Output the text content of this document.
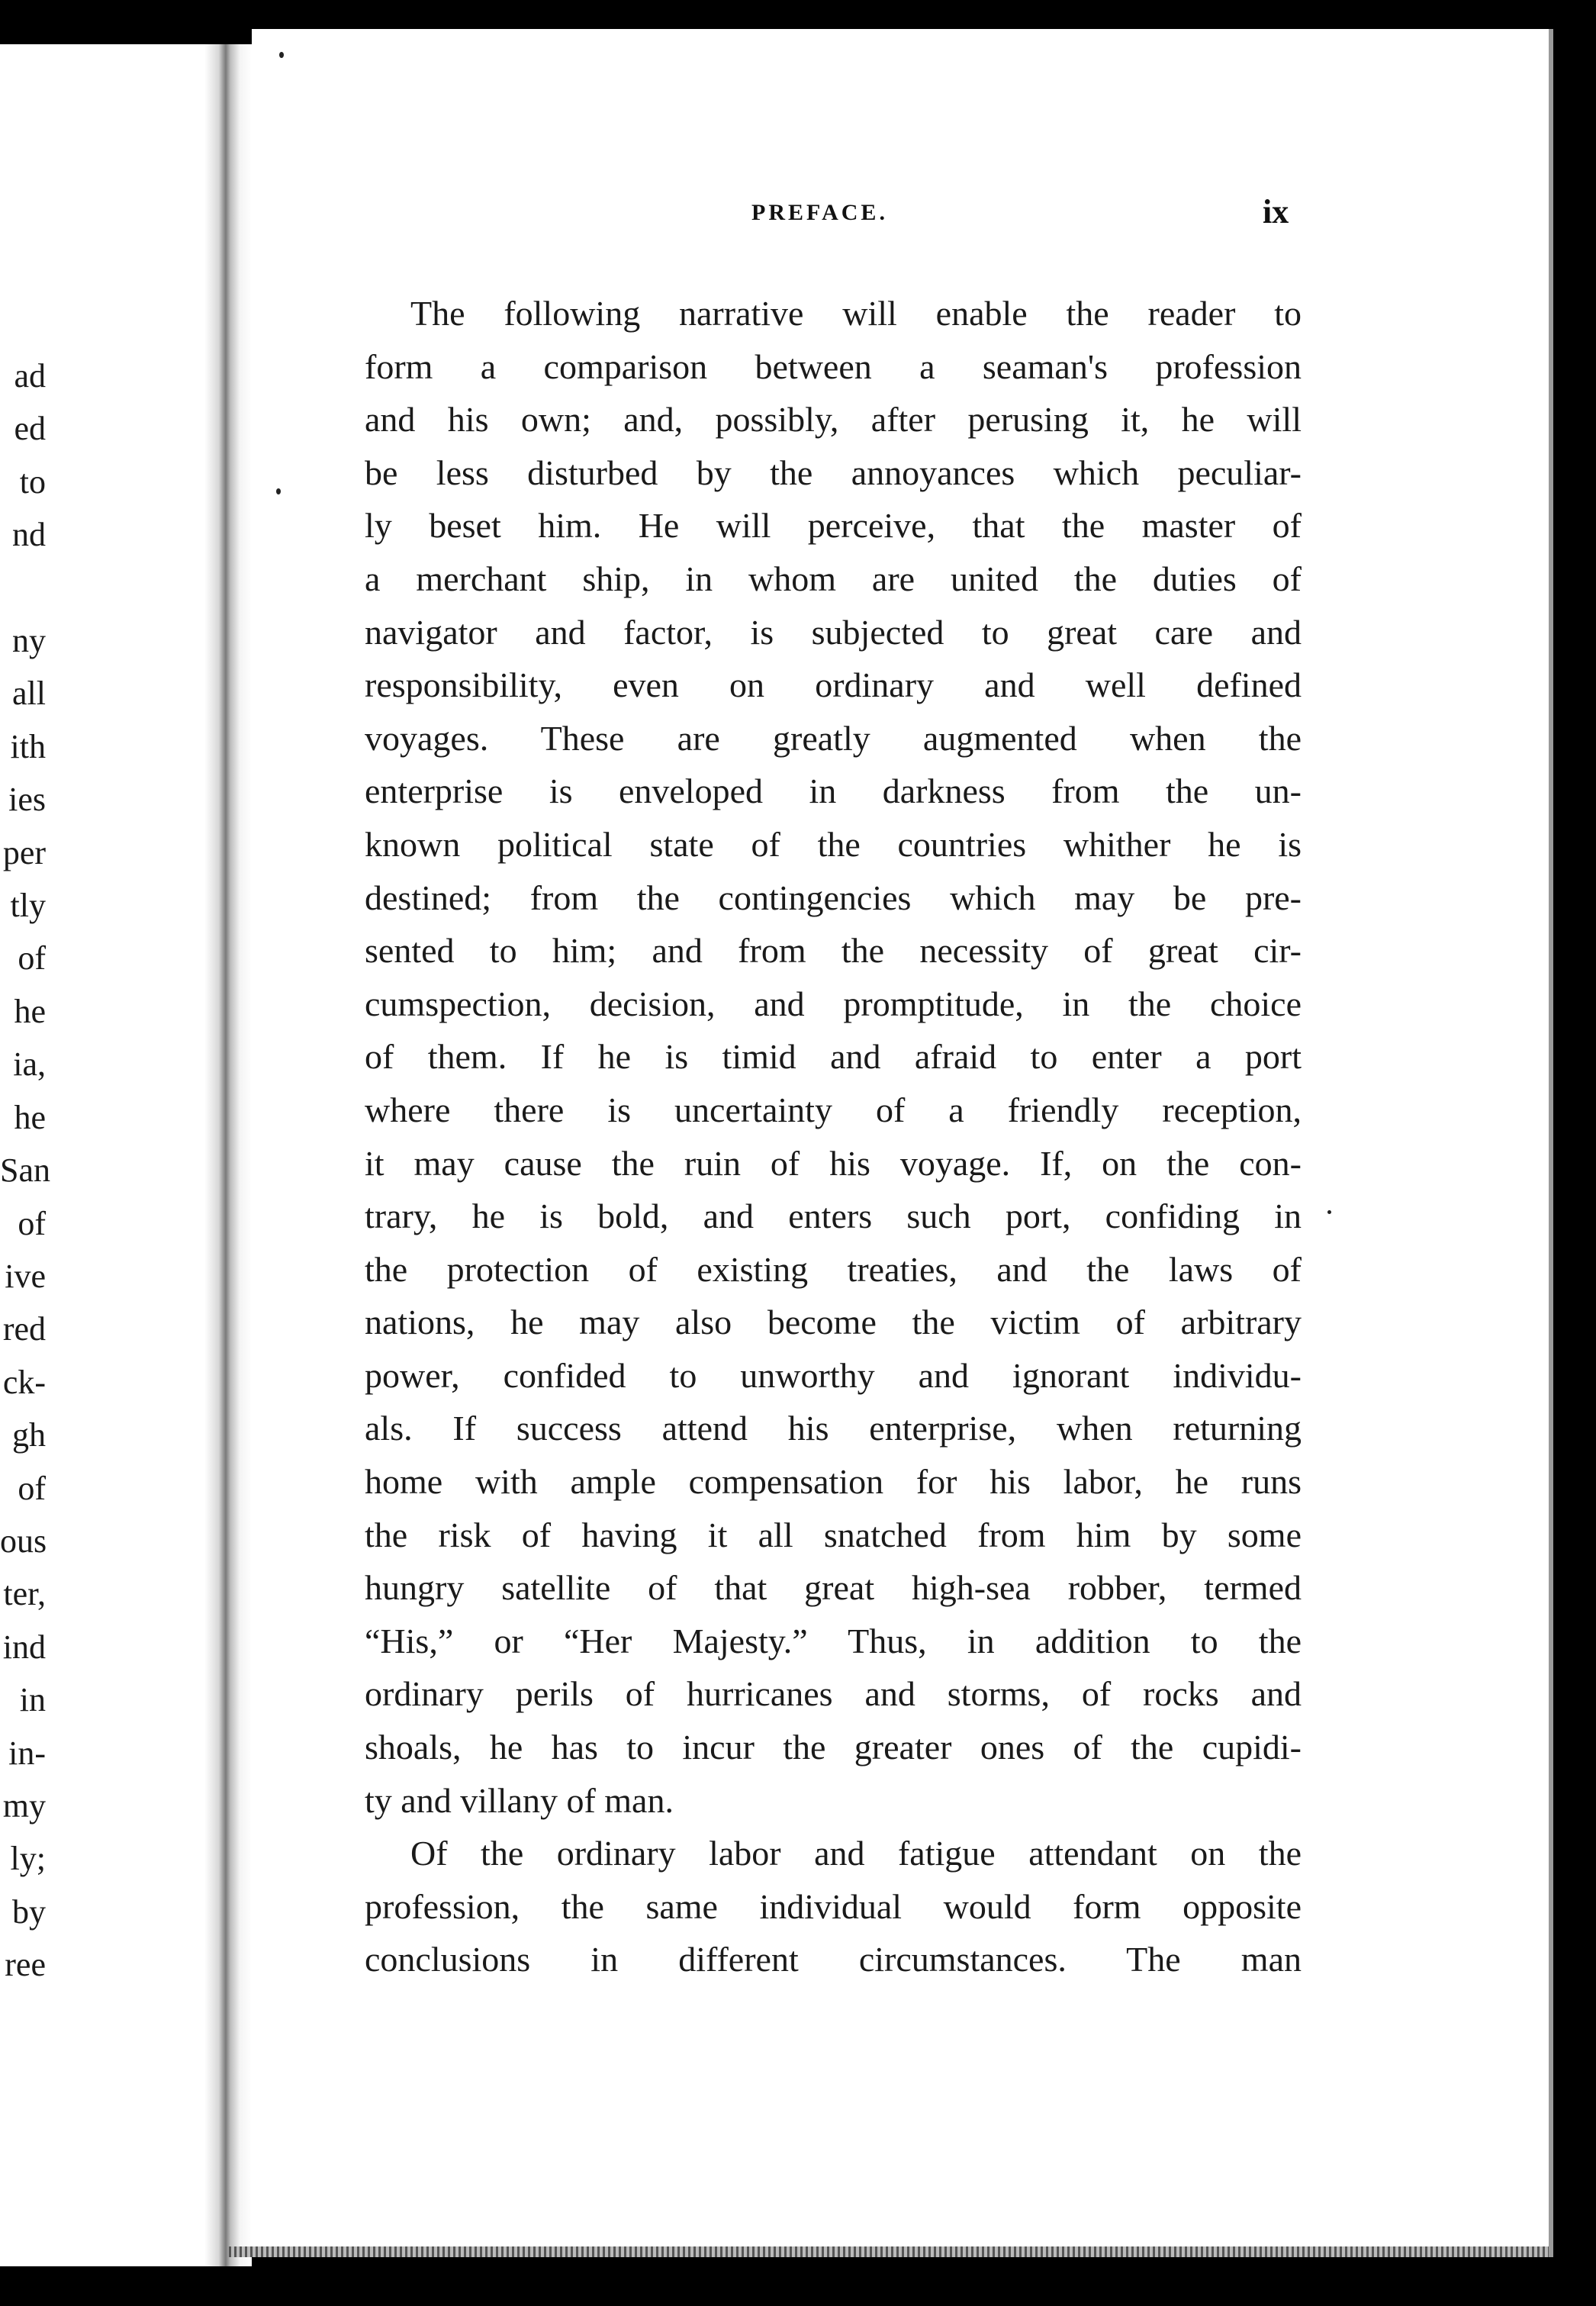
ad
ed
to
nd

ny
all
ith
ies
per
tly
of
he
ia,
he
San
of
ive
red
ck-
gh
of
ous
ter,
ind
in
in-
my
ly;
by
ree
PREFACE.	ix
The following narrative will enable the reader to
form a comparison between a seaman's profession
and his own; and, possibly, after perusing it, he will
be less disturbed by the annoyances which peculiar-
ly beset him. He will perceive, that the master of
a merchant ship, in whom are united the duties of
navigator and factor, is subjected to great care and
responsibility, even on ordinary and well defined
voyages. These are greatly augmented when the
enterprise is enveloped in darkness from the un-
known political state of the countries whither he is
destined; from the contingencies which may be pre-
sented to him; and from the necessity of great cir-
cumspection, decision, and promptitude, in the choice
of them. If he is timid and afraid to enter a port
where there is uncertainty of a friendly reception,
it may cause the ruin of his voyage. If, on the con-
trary, he is bold, and enters such port, confiding in
the protection of existing treaties, and the laws of
nations, he may also become the victim of arbitrary
power, confided to unworthy and ignorant individu-
als. If success attend his enterprise, when returning
home with ample compensation for his labor, he runs
the risk of having it all snatched from him by some
hungry satellite of that great high-sea robber, termed
“His,” or “Her Majesty.” Thus, in addition to the
ordinary perils of hurricanes and storms, of rocks and
shoals, he has to incur the greater ones of the cupidi-
ty and villany of man.
Of the ordinary labor and fatigue attendant on the
profession, the same individual would form opposite
conclusions in different circumstances. The man
